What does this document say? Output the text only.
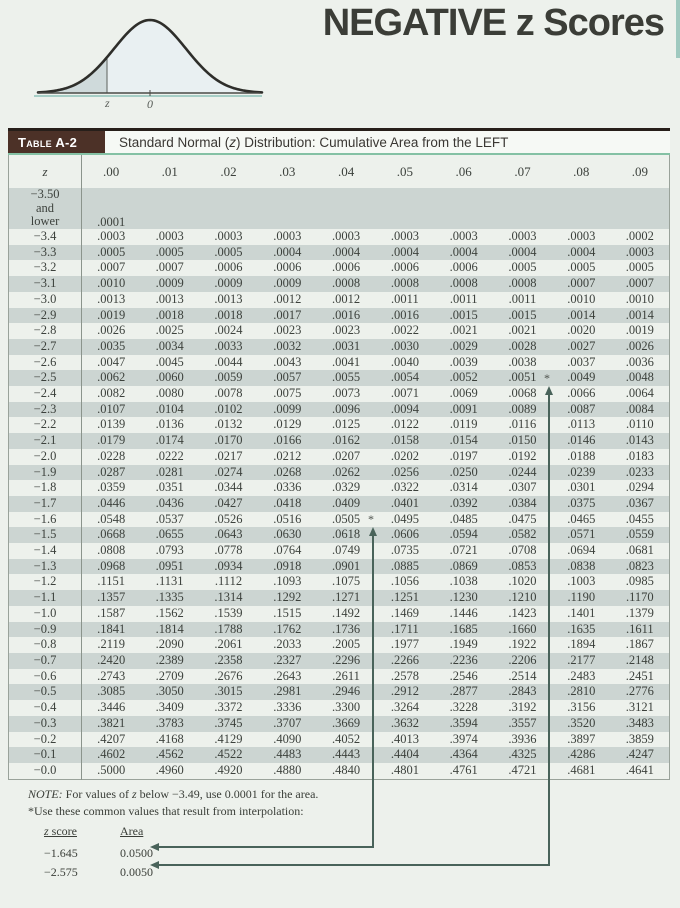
z	0
NEGATIVE z Scores
Table A-2	Standard Normal ( z ) Distribution: Cumulative Area from the LEFT
z	.00	.01	.02	.03	.04	.05	.06	.07	.08	.09

−3.50
and
lower	.0001									
−3.4	.0003	.0003	.0003	.0003	.0003	.0003	.0003	.0003	.0003	.0002
−3.3	.0005	.0005	.0005	.0004	.0004	.0004	.0004	.0004	.0004	.0003
−3.2	.0007	.0007	.0006	.0006	.0006	.0006	.0006	.0005	.0005	.0005
−3.1	.0010	.0009	.0009	.0009	.0008	.0008	.0008	.0008	.0007	.0007
−3.0	.0013	.0013	.0013	.0012	.0012	.0011	.0011	.0011	.0010	.0010
−2.9	.0019	.0018	.0018	.0017	.0016	.0016	.0015	.0015	.0014	.0014
−2.8	.0026	.0025	.0024	.0023	.0023	.0022	.0021	.0021	.0020	.0019
−2.7	.0035	.0034	.0033	.0032	.0031	.0030	.0029	.0028	.0027	.0026
−2.6	.0047	.0045	.0044	.0043	.0041	.0040	.0039	.0038	.0037	.0036
−2.5	.0062	.0060	.0059	.0057	.0055	.0054	.0052	.0051	.0049	.0048
−2.4	.0082	.0080	.0078	.0075	.0073	.0071	.0069	.0068	.0066	.0064
−2.3	.0107	.0104	.0102	.0099	.0096	.0094	.0091	.0089	.0087	.0084
−2.2	.0139	.0136	.0132	.0129	.0125	.0122	.0119	.0116	.0113	.0110
−2.1	.0179	.0174	.0170	.0166	.0162	.0158	.0154	.0150	.0146	.0143
−2.0	.0228	.0222	.0217	.0212	.0207	.0202	.0197	.0192	.0188	.0183
−1.9	.0287	.0281	.0274	.0268	.0262	.0256	.0250	.0244	.0239	.0233
−1.8	.0359	.0351	.0344	.0336	.0329	.0322	.0314	.0307	.0301	.0294
−1.7	.0446	.0436	.0427	.0418	.0409	.0401	.0392	.0384	.0375	.0367
−1.6	.0548	.0537	.0526	.0516	.0505	.0495	.0485	.0475	.0465	.0455
−1.5	.0668	.0655	.0643	.0630	.0618	.0606	.0594	.0582	.0571	.0559
−1.4	.0808	.0793	.0778	.0764	.0749	.0735	.0721	.0708	.0694	.0681
−1.3	.0968	.0951	.0934	.0918	.0901	.0885	.0869	.0853	.0838	.0823
−1.2	.1151	.1131	.1112	.1093	.1075	.1056	.1038	.1020	.1003	.0985
−1.1	.1357	.1335	.1314	.1292	.1271	.1251	.1230	.1210	.1190	.1170
−1.0	.1587	.1562	.1539	.1515	.1492	.1469	.1446	.1423	.1401	.1379
−0.9	.1841	.1814	.1788	.1762	.1736	.1711	.1685	.1660	.1635	.1611
−0.8	.2119	.2090	.2061	.2033	.2005	.1977	.1949	.1922	.1894	.1867
−0.7	.2420	.2389	.2358	.2327	.2296	.2266	.2236	.2206	.2177	.2148
−0.6	.2743	.2709	.2676	.2643	.2611	.2578	.2546	.2514	.2483	.2451
−0.5	.3085	.3050	.3015	.2981	.2946	.2912	.2877	.2843	.2810	.2776
−0.4	.3446	.3409	.3372	.3336	.3300	.3264	.3228	.3192	.3156	.3121
−0.3	.3821	.3783	.3745	.3707	.3669	.3632	.3594	.3557	.3520	.3483
−0.2	.4207	.4168	.4129	.4090	.4052	.4013	.3974	.3936	.3897	.3859
−0.1	.4602	.4562	.4522	.4483	.4443	.4404	.4364	.4325	.4286	.4247
−0.0	.5000	.4960	.4920	.4880	.4840	.4801	.4761	.4721	.4681	.4641
*
*
NOTE: For values of z below −3.49, use 0.0001 for the area.
*Use these common values that result from interpolation:
z score	Area
−1.645	0.0500
−2.575	0.0050
